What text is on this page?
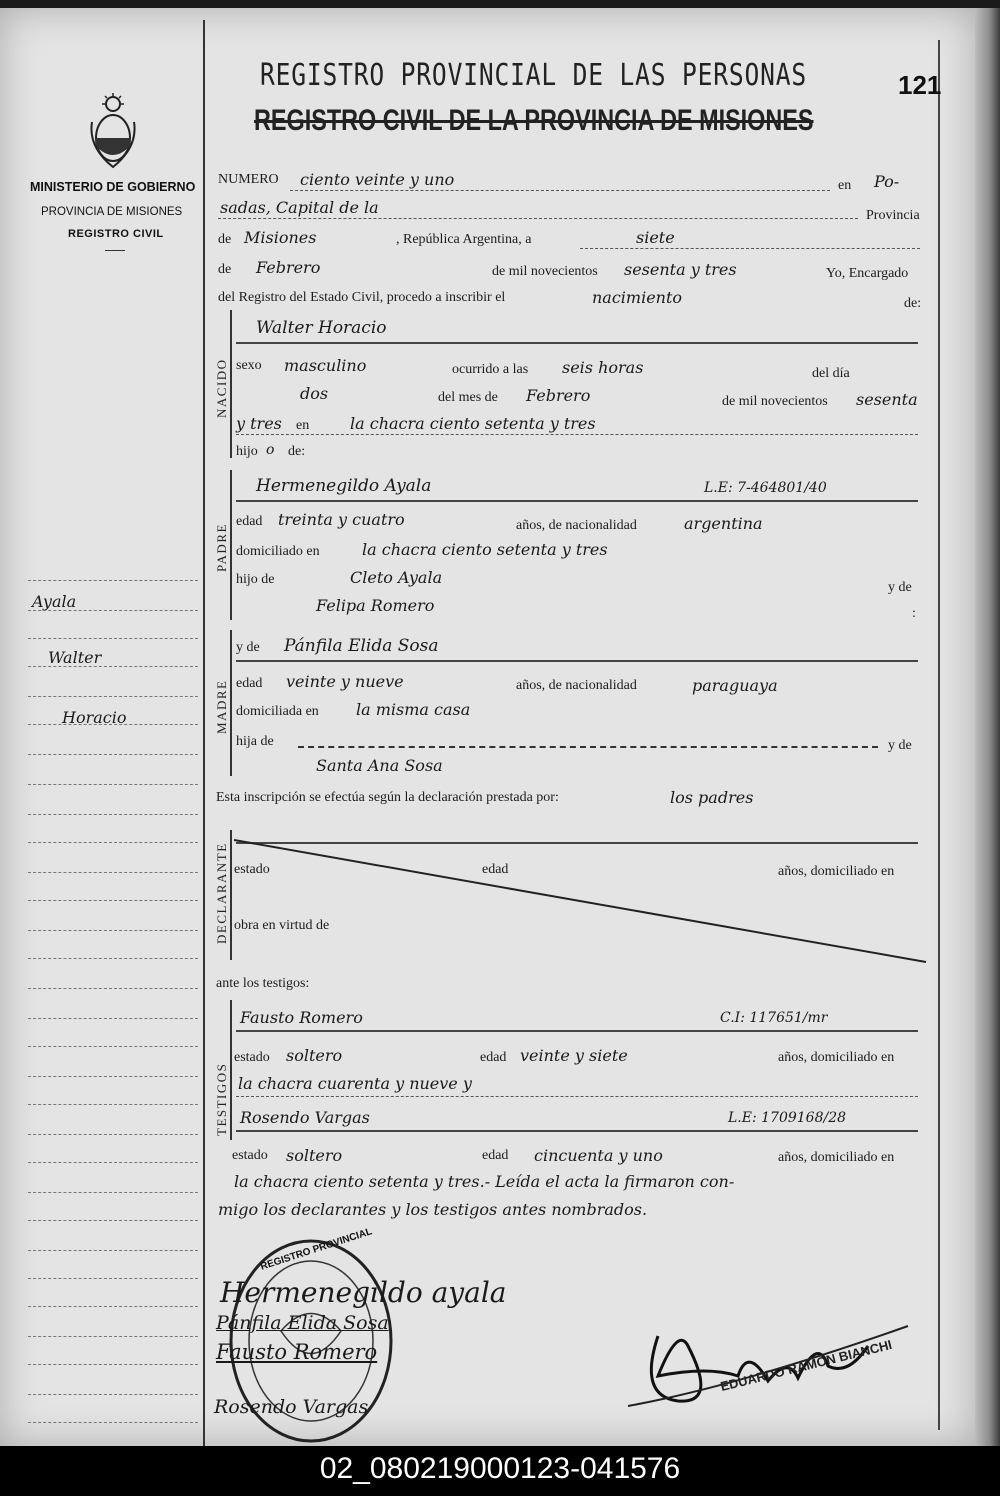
REGISTRO PROVINCIAL DE LAS PERSONAS
REGISTRO CIVIL DE LA PROVINCIA DE MISIONES
121
MINISTERIO DE GOBIERNO
PROVINCIA DE MISIONES
REGISTRO CIVIL
Ayala
Walter
Horacio
NUMERO ciento veinte y uno	en Po-
sadas, Capital de la	Provincia
de Misiones	, República Argentina, a	siete
de Febrero	de mil novecientos sesenta y tres	Yo, Encargado
del Registro del Estado Civil, procedo a inscribir el	nacimiento	de:
NACIDO
Walter Horacio
sexo masculino	ocurrido a las seis horas	del día
dos	del mes de Febrero	de mil novecientos sesenta
y tres en	la chacra ciento setenta y tres
hijo o de:
PADRE
Hermenegildo Ayala	L.E: 7-464801/40
edad treinta y cuatro	años, de nacionalidad	argentina
domiciliado en	la chacra ciento setenta y tres
hijo de	Cleto Ayala
y de
Felipa Romero	:
MADRE
y de Pánfila Elida Sosa
edad veinte y nueve	años, de nacionalidad	paraguaya
domiciliada en la misma casa
hija de	y de
Santa Ana Sosa
Esta inscripción se efectúa según la declaración prestada por:	los padres
DECLARANTE estado	edad	años, domiciliado en
obra en virtud de
ante los testigos:
TESTIGOS
Fausto Romero	C.I: 117651/mr
estado soltero	edad veinte y siete	años, domiciliado en
la chacra cuarenta y nueve y
Rosendo Vargas	L.E: 1709168/28
estado soltero	edad cincuenta y uno	años, domiciliado en
la chacra ciento setenta y tres.- Leída el acta la firmaron con-
migo los declarantes y los testigos antes nombrados.
REGISTRO PROVINCIAL
Hermenegildo ayala
Pánfila Elida Sosa
Fausto Romero
Rosendo Vargas
EDUARDO RAMON BIANCHI
02_080219000123-041576
